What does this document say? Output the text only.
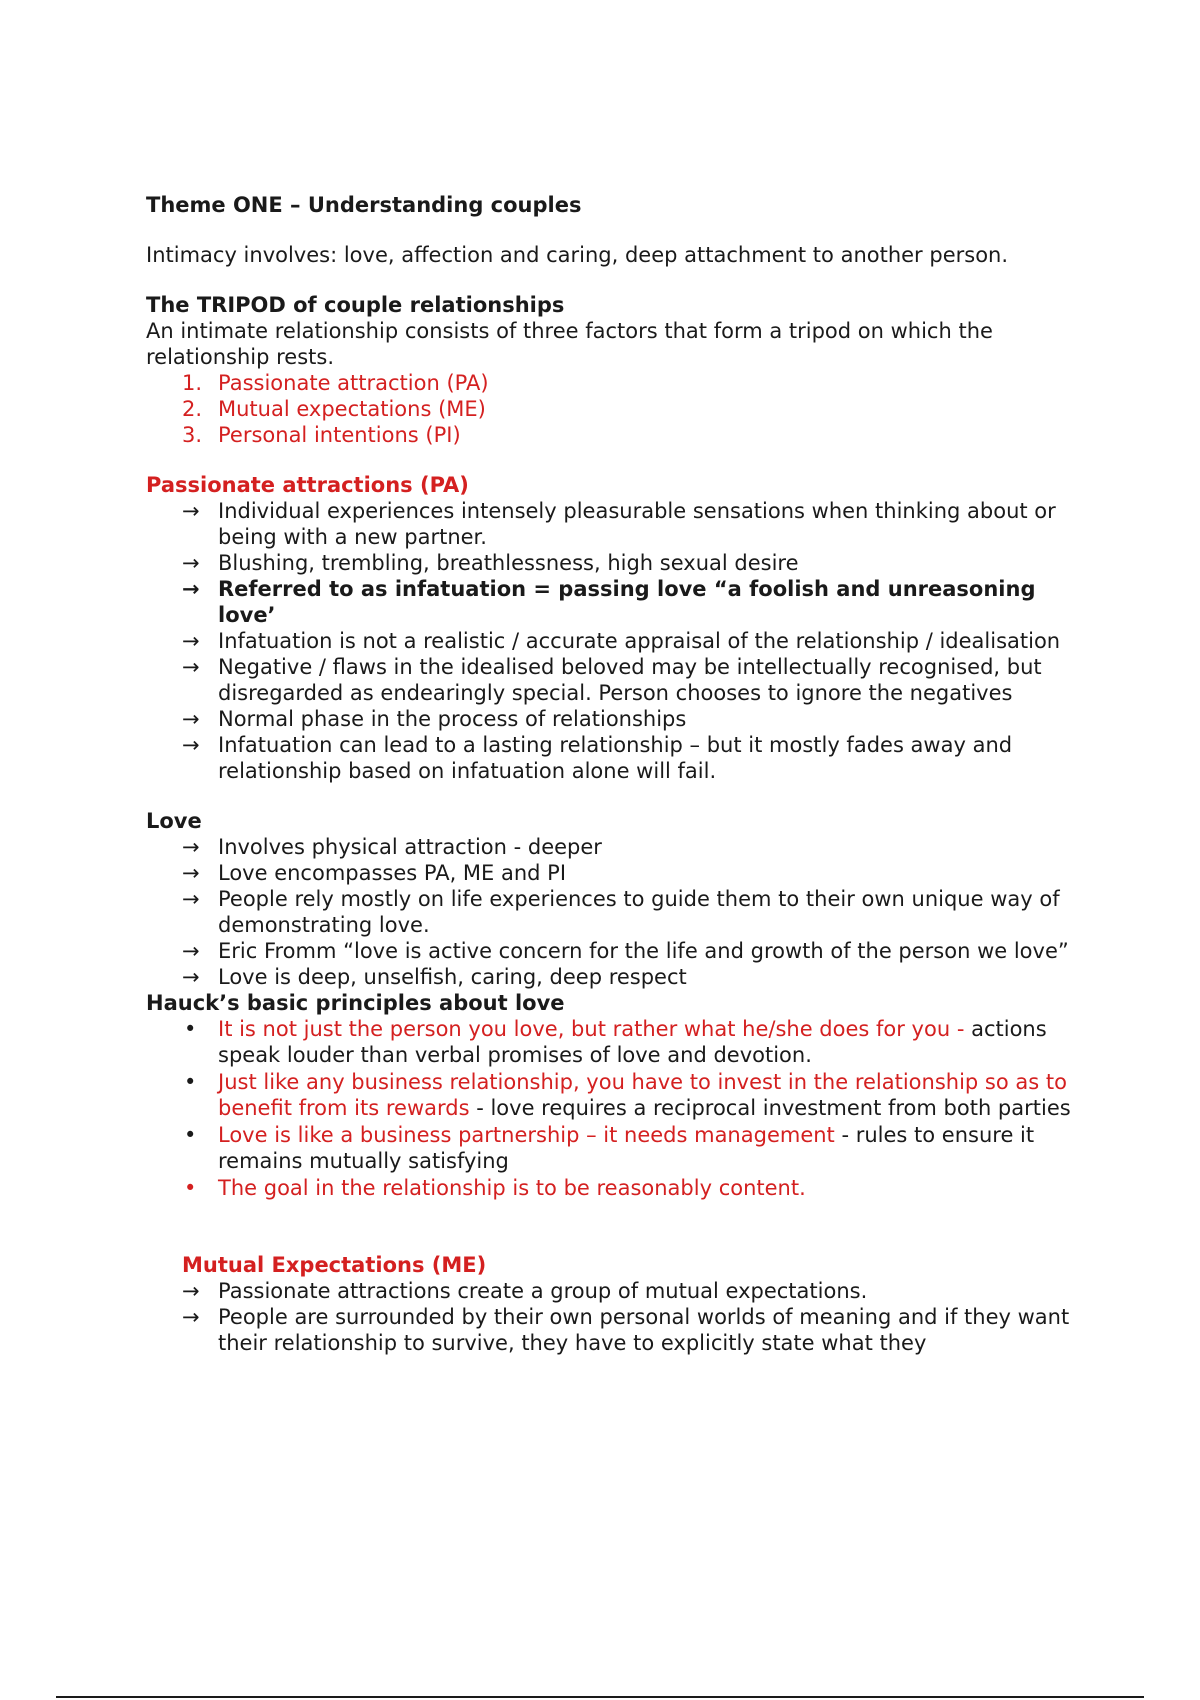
Theme ONE – Understanding couples

Intimacy involves: love, affection and caring, deep attachment to another person.

The TRIPOD of couple relationships

An intimate relationship consists of three factors that form a tripod on which the relationship rests.

1. Passionate attraction (PA)
2. Mutual expectations (ME)
3. Personal intentions (PI)

Passionate attractions (PA)

→ Individual experiences intensely pleasurable sensations when thinking about or being with a new partner.
→ Blushing, trembling, breathlessness, high sexual desire
→ Referred to as infatuation = passing love “a foolish and unreasoning love’
→ Infatuation is not a realistic / accurate appraisal of the relationship / idealisation
→ Negative / flaws in the idealised beloved may be intellectually recognised, but disregarded as endearingly special. Person chooses to ignore the negatives
→ Normal phase in the process of relationships
→ Infatuation can lead to a lasting relationship – but it mostly fades away and relationship based on infatuation alone will fail.

Love

→ Involves physical attraction - deeper
→ Love encompasses PA, ME and PI
→ People rely mostly on life experiences to guide them to their own unique way of demonstrating love.
→ Eric Fromm “love is active concern for the life and growth of the person we love”
→ Love is deep, unselfish, caring, deep respect

Hauck’s basic principles about love

•	It is not just the person you love, but rather what he/she does for you - actions speak louder than verbal promises of love and devotion.
•	Just like any business relationship, you have to invest in the relationship so as to benefit from its rewards - love requires a reciprocal investment from both parties
•	Love is like a business partnership – it needs management - rules to ensure it remains mutually satisfying
•	The goal in the relationship is to be reasonably content.

Mutual Expectations (ME)

→ Passionate attractions create a group of mutual expectations.
→ People are surrounded by their own personal worlds of meaning and if they want their relationship to survive, they have to explicitly state what they
